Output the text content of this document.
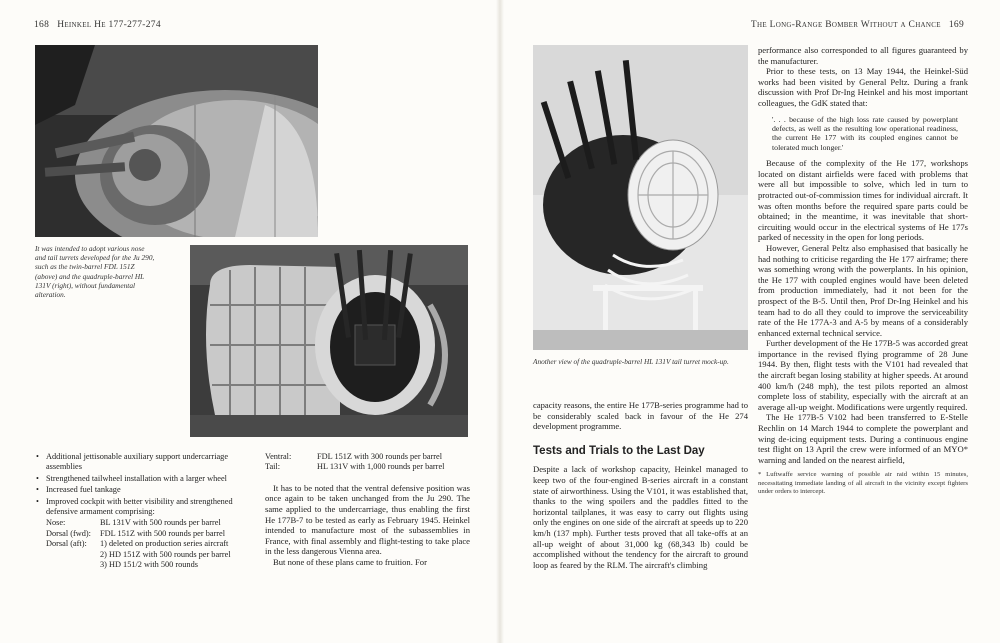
168 Heinkel He 177-277-274
It was intended to adopt various nose and tail turrets developed for the Ju 290, such as the twin-barrel FDL 151Z (above) and the quadruple-barrel HL 131V (right), without fundamental alteration.
• Additional jettisonable auxiliary support undercarriage assemblies
• Strengthened tailwheel installation with a larger wheel
• Increased fuel tankage
• Improved cockpit with better visibility and strengthened defensive armament comprising:
Nose:	BL 131V with 500 rounds per barrel
Dorsal (fwd):	FDL 151Z with 500 rounds per barrel
Dorsal (aft):	1) deleted on production series aircraft
	2) HD 151Z with 500 rounds per barrel
	3) HD 151/2 with 500 rounds
Ventral:	FDL 151Z with 300 rounds per barrel
Tail:	HL 131V with 1,000 rounds per barrel

It has to be noted that the ventral defensive position was once again to be taken unchanged from the Ju 290. The same applied to the undercarriage, thus enabling the first He 177B-7 to be tested as early as February 1945. Heinkel intended to manufacture most of the subassemblies in France, with final assembly and flight-testing to take place in the less dangerous Vienna area.

But none of these plans came to fruition. For

The Long-Range Bomber Without a Chance 169
Another view of the quadruple-barrel HL 131V tail turret mock-up.

capacity reasons, the entire He 177B-series programme had to be considerably scaled back in favour of the He 274 development programme.

Tests and Trials to the Last Day

Despite a lack of workshop capacity, Heinkel managed to keep two of the four-engined B-series aircraft in a constant state of airworthiness. Using the V101, it was established that, thanks to the wing spoilers and the paddles fitted to the horizontal tailplanes, it was easy to carry out flights using only the engines on one side of the aircraft at speeds up to 220 km/h (137 mph). Further tests proved that all take-offs at an all-up weight of about 31,000 kg (68,343 lb) could be accomplished without the tendency for the aircraft to ground loop as feared by the RLM. The aircraft's climbing

performance also corresponded to all figures guaranteed by the manufacturer.

Prior to these tests, on 13 May 1944, the Heinkel-Süd works had been visited by General Peltz. During a frank discussion with Prof Dr-Ing Heinkel and his most important colleagues, the GdK stated that:

'. . . because of the high loss rate caused by powerplant defects, as well as the resulting low operational readiness, the current He 177 with its coupled engines cannot be tolerated much longer.'

Because of the complexity of the He 177, workshops located on distant airfields were faced with problems that were all but impossible to solve, which led in turn to protracted out-of-commission times for individual aircraft. It was often months before the required spare parts could be obtained; in the meantime, it was inevitable that short-circuiting would occur in the electrical systems of He 177s parked of necessity in the open for long periods.

However, General Peltz also emphasised that basically he had nothing to criticise regarding the He 177 airframe; there was something wrong with the powerplants. In his opinion, the He 177 with coupled engines would have been deleted from production immediately, had it not been for the prospect of the B-5. Until then, Prof Dr-Ing Heinkel and his team had to do all they could to improve the serviceability rate of the He 177A-3 and A-5 by means of a considerably enhanced external technical service.

Further development of the He 177B-5 was accorded great importance in the revised flying programme of 28 June 1944. By then, flight tests with the V101 had revealed that the aircraft began losing stability at higher speeds. At around 400 km/h (248 mph), the test pilots reported an almost complete loss of stability, especially with the aircraft at an average all-up weight. Modifications were urgently required.

The He 177B-5 V102 had been transferred to E-Stelle Rechlin on 14 March 1944 to complete the powerplant and wing de-icing equipment tests. During a continuous engine test flight on 13 April the crew were informed of an MYO* warning and landed on the nearest airfield,

* Luftwaffe service warning of possible air raid within 15 minutes, necessitating immediate landing of all aircraft in the vicinity except fighters under orders to intercept.
